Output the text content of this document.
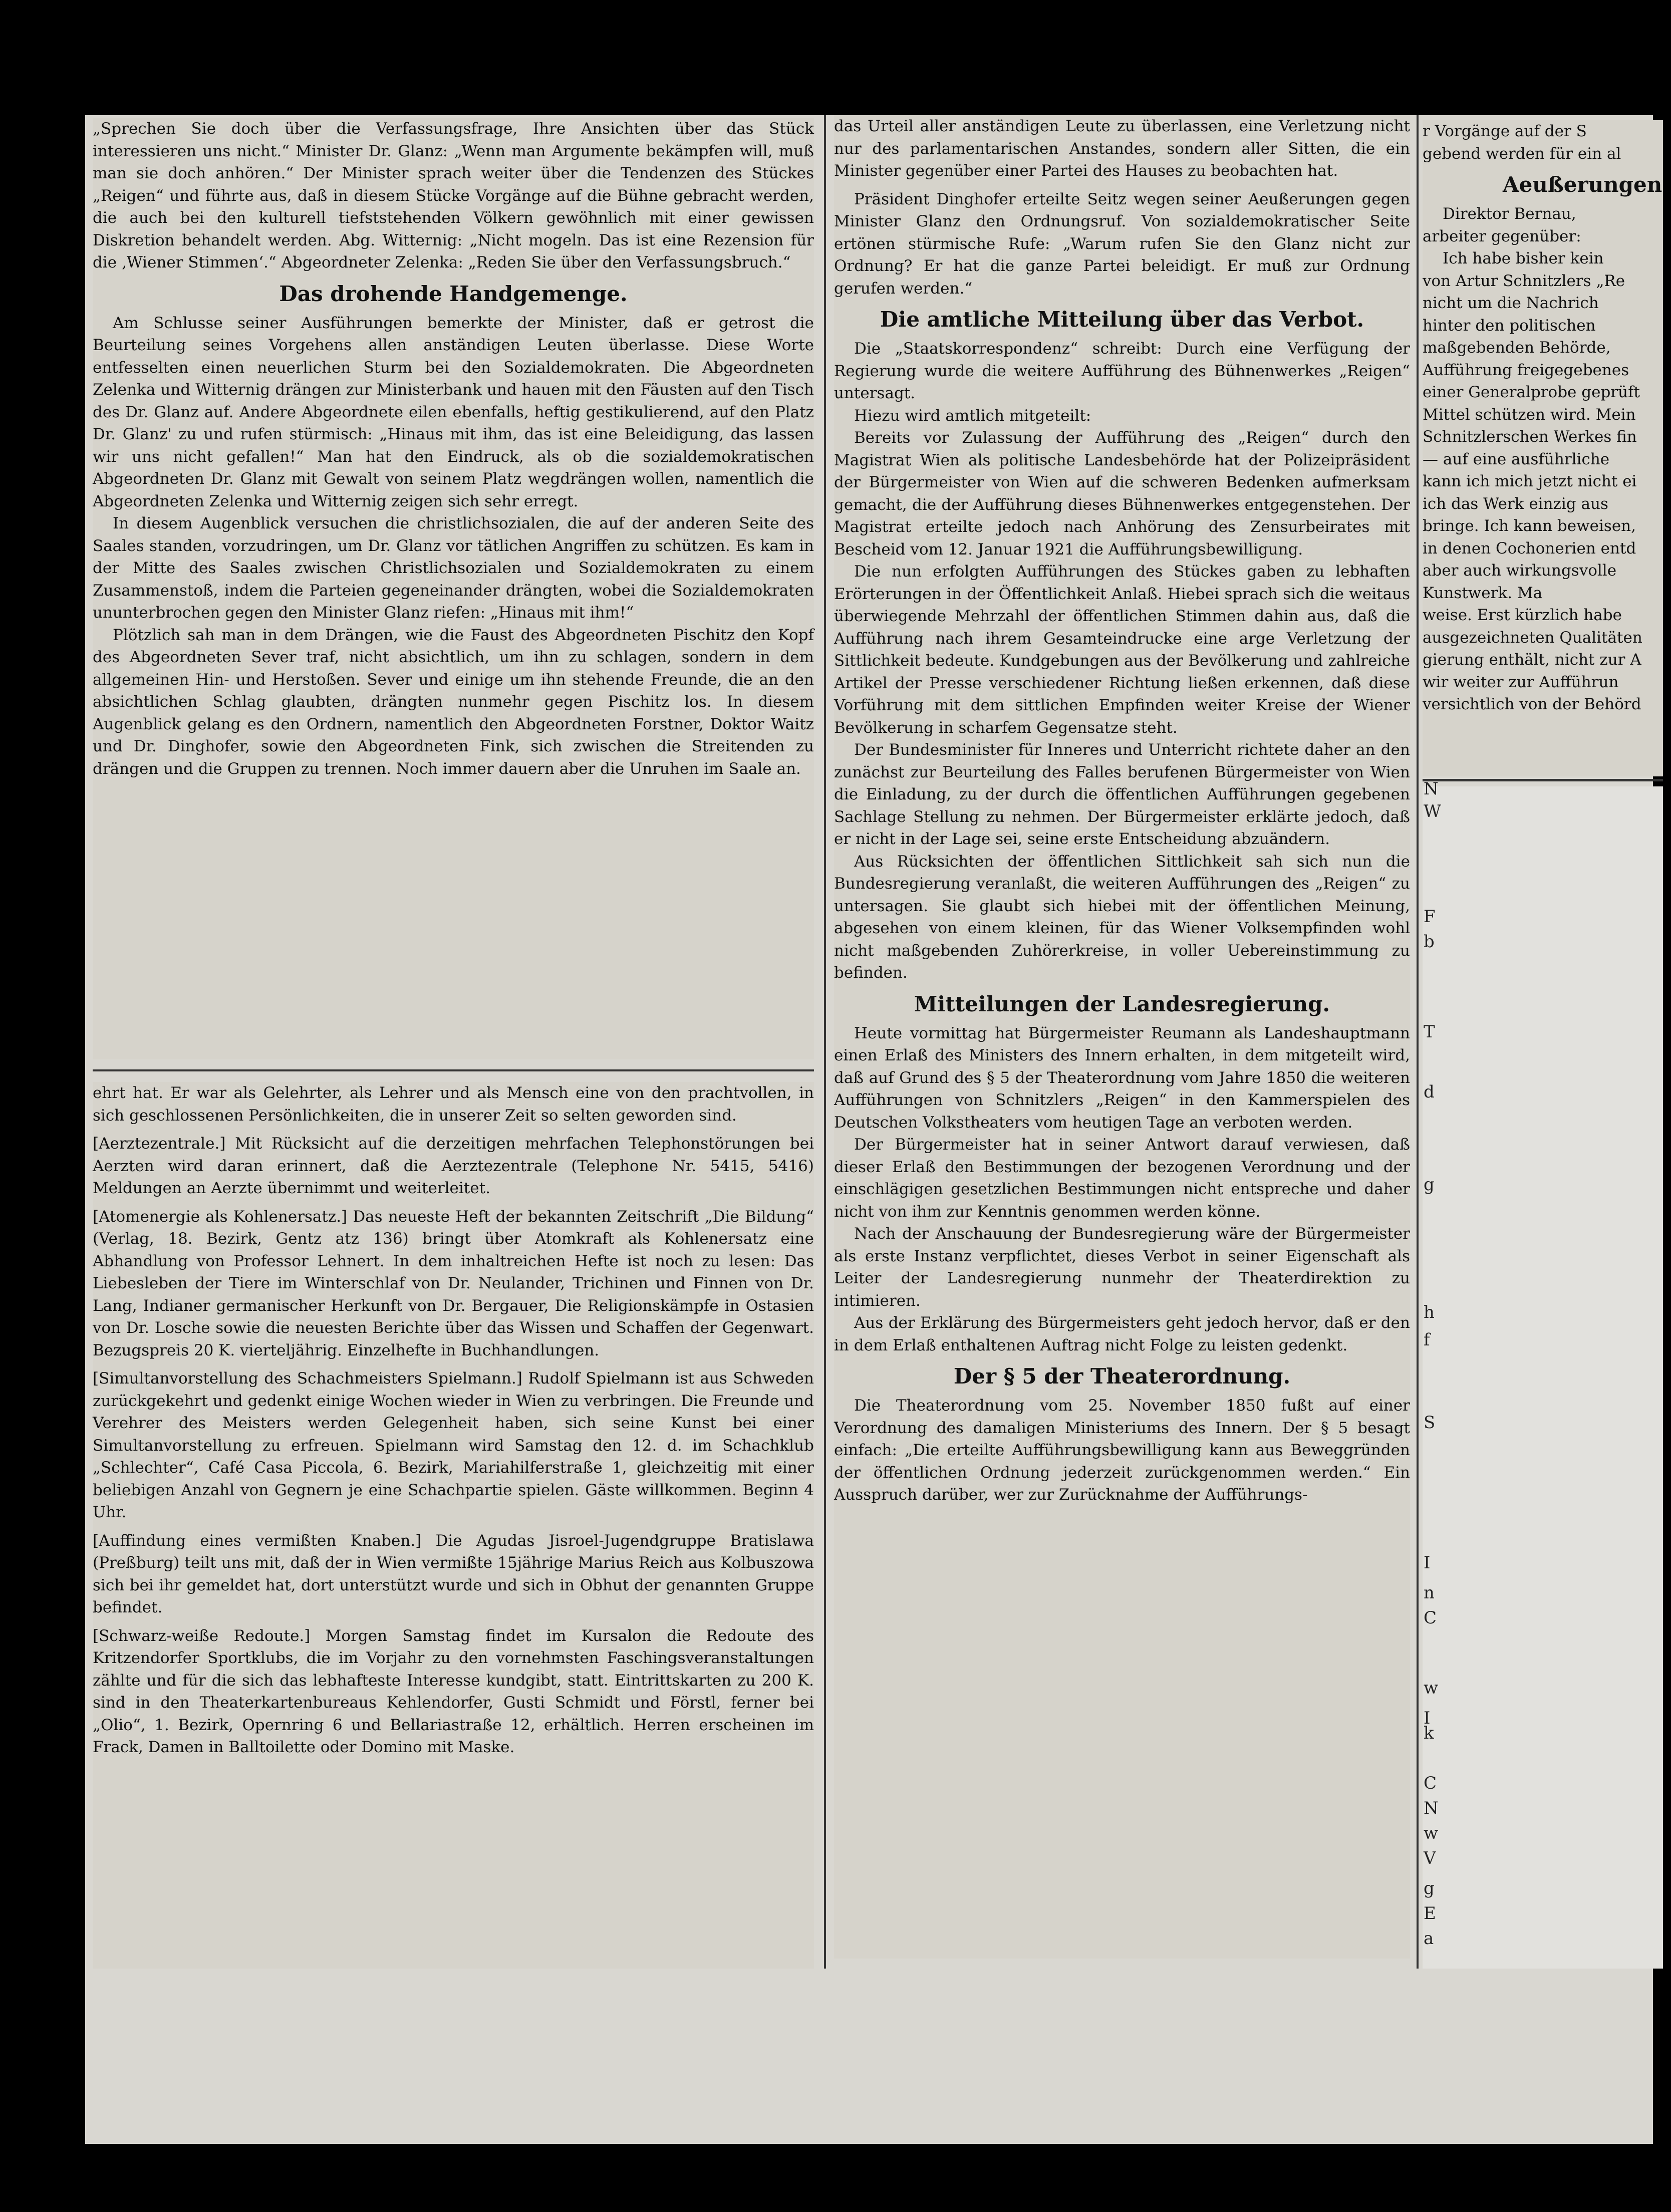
„Sprechen Sie doch über die Verfassungsfrage, Ihre Ansichten über das Stück interessieren uns nicht.“ Minister Dr. Glanz: „Wenn man Argumente bekämpfen will, muß man sie doch anhören.“ Der Minister sprach weiter über die Tendenzen des Stückes „Reigen“ und führte aus, daß in diesem Stücke Vorgänge auf die Bühne gebracht werden, die auch bei den kulturell tiefststehenden Völkern gewöhnlich mit einer gewissen Diskretion behandelt werden. Abg. Witternig: „Nicht mogeln. Das ist eine Rezension für die ‚Wiener Stimmen‘.“ Abgeordneter Zelenka: „Reden Sie über den Verfassungsbruch.“

Das drohende Handgemenge.

Am Schlusse seiner Ausführungen bemerkte der Minister, daß er getrost die Beurteilung seines Vorgehens allen anständigen Leuten überlasse. Diese Worte entfesselten einen neuerlichen Sturm bei den Sozialdemokraten. Die Abgeordneten Zelenka und Witternig drängen zur Ministerbank und hauen mit den Fäusten auf den Tisch des Dr. Glanz auf. Andere Abgeordnete eilen ebenfalls, heftig gestikulierend, auf den Platz Dr. Glanz' zu und rufen stürmisch: „Hinaus mit ihm, das ist eine Beleidigung, das lassen wir uns nicht gefallen!“ Man hat den Eindruck, als ob die sozialdemokratischen Abgeordneten Dr. Glanz mit Gewalt von seinem Platz wegdrängen wollen, namentlich die Abgeordneten Zelenka und Witternig zeigen sich sehr erregt.

In diesem Augenblick versuchen die christlichsozialen, die auf der anderen Seite des Saales standen, vorzudringen, um Dr. Glanz vor tätlichen Angriffen zu schützen. Es kam in der Mitte des Saales zwischen Christlichsozialen und Sozialdemokraten zu einem Zusammenstoß, indem die Parteien gegeneinander drängten, wobei die Sozialdemokraten ununterbrochen gegen den Minister Glanz riefen: „Hinaus mit ihm!“

Plötzlich sah man in dem Drängen, wie die Faust des Abgeordneten Pischitz den Kopf des Abgeordneten Sever traf, nicht absichtlich, um ihn zu schlagen, sondern in dem allgemeinen Hin- und Herstoßen. Sever und einige um ihn stehende Freunde, die an den absichtlichen Schlag glaubten, drängten nunmehr gegen Pischitz los. In diesem Augenblick gelang es den Ordnern, namentlich den Abgeordneten Forstner, Doktor Waitz und Dr. Dinghofer, sowie den Abgeordneten Fink, sich zwischen die Streitenden zu drängen und die Gruppen zu trennen. Noch immer dauern aber die Unruhen im Saale an.

ehrt hat. Er war als Gelehrter, als Lehrer und als Mensch eine von den prachtvollen, in sich geschlossenen Persönlichkeiten, die in unserer Zeit so selten geworden sind.

[Aerztezentrale.] Mit Rücksicht auf die derzeitigen mehrfachen Telephonstörungen bei Aerzten wird daran erinnert, daß die Aerztezentrale (Telephone Nr. 5415, 5416) Meldungen an Aerzte übernimmt und weiterleitet.

[Atomenergie als Kohlenersatz.] Das neueste Heft der bekannten Zeitschrift „Die Bildung“ (Verlag, 18. Bezirk, Gentz atz 136) bringt über Atomkraft als Kohlenersatz eine Abhandlung von Professor Lehnert. In dem inhaltreichen Hefte ist noch zu lesen: Das Liebesleben der Tiere im Winterschlaf von Dr. Neulander, Trichinen und Finnen von Dr. Lang, Indianer germanischer Herkunft von Dr. Bergauer, Die Religionskämpfe in Ostasien von Dr. Losche sowie die neuesten Berichte über das Wissen und Schaffen der Gegenwart. Bezugspreis 20 K. vierteljährig. Einzelhefte in Buchhandlungen.

[Simultanvorstellung des Schachmeisters Spielmann.] Rudolf Spielmann ist aus Schweden zurückgekehrt und gedenkt einige Wochen wieder in Wien zu verbringen. Die Freunde und Verehrer des Meisters werden Gelegenheit haben, sich seine Kunst bei einer Simultanvorstellung zu erfreuen. Spielmann wird Samstag den 12. d. im Schachklub „Schlechter“, Café Casa Piccola, 6. Bezirk, Mariahilferstraße 1, gleichzeitig mit einer beliebigen Anzahl von Gegnern je eine Schachpartie spielen. Gäste willkommen. Beginn 4 Uhr.

[Auffindung eines vermißten Knaben.] Die Agudas Jisroel-Jugendgruppe Bratislawa (Preßburg) teilt uns mit, daß der in Wien vermißte 15jährige Marius Reich aus Kolbuszowa sich bei ihr gemeldet hat, dort unterstützt wurde und sich in Obhut der genannten Gruppe befindet.

[Schwarz-weiße Redoute.] Morgen Samstag findet im Kursalon die Redoute des Kritzendorfer Sportklubs, die im Vorjahr zu den vornehmsten Faschingsveranstaltungen zählte und für die sich das lebhafteste Interesse kundgibt, statt. Eintrittskarten zu 200 K. sind in den Theaterkartenbureaus Kehlendorfer, Gusti Schmidt und Förstl, ferner bei „Olio“, 1. Bezirk, Opernring 6 und Bellariastraße 12, erhältlich. Herren erscheinen im Frack, Damen in Balltoilette oder Domino mit Maske.

das Urteil aller anständigen Leute zu überlassen, eine Verletzung nicht nur des parlamentarischen Anstandes, sondern aller Sitten, die ein Minister gegenüber einer Partei des Hauses zu beobachten hat.

Präsident Dinghofer erteilte Seitz wegen seiner Aeußerungen gegen Minister Glanz den Ordnungsruf. Von sozialdemokratischer Seite ertönen stürmische Rufe: „Warum rufen Sie den Glanz nicht zur Ordnung? Er hat die ganze Partei beleidigt. Er muß zur Ordnung gerufen werden.“

Die amtliche Mitteilung über das Verbot.

Die „Staatskorrespondenz“ schreibt: Durch eine Verfügung der Regierung wurde die weitere Aufführung des Bühnenwerkes „Reigen“ untersagt.

Hiezu wird amtlich mitgeteilt:

Bereits vor Zulassung der Aufführung des „Reigen“ durch den Magistrat Wien als politische Landesbehörde hat der Polizeipräsident der Bürgermeister von Wien auf die schweren Bedenken aufmerksam gemacht, die der Aufführung dieses Bühnenwerkes entgegenstehen. Der Magistrat erteilte jedoch nach Anhörung des Zensurbeirates mit Bescheid vom 12. Januar 1921 die Aufführungsbewilligung.

Die nun erfolgten Aufführungen des Stückes gaben zu lebhaften Erörterungen in der Öffentlichkeit Anlaß. Hiebei sprach sich die weitaus überwiegende Mehrzahl der öffentlichen Stimmen dahin aus, daß die Aufführung nach ihrem Gesamteindrucke eine arge Verletzung der Sittlichkeit bedeute. Kundgebungen aus der Bevölkerung und zahlreiche Artikel der Presse verschiedener Richtung ließen erkennen, daß diese Vorführung mit dem sittlichen Empfinden weiter Kreise der Wiener Bevölkerung in scharfem Gegensatze steht.

Der Bundesminister für Inneres und Unterricht richtete daher an den zunächst zur Beurteilung des Falles berufenen Bürgermeister von Wien die Einladung, zu der durch die öffentlichen Aufführungen gegebenen Sachlage Stellung zu nehmen. Der Bürgermeister erklärte jedoch, daß er nicht in der Lage sei, seine erste Entscheidung abzuändern.

Aus Rücksichten der öffentlichen Sittlichkeit sah sich nun die Bundesregierung veranlaßt, die weiteren Aufführungen des „Reigen“ zu untersagen. Sie glaubt sich hiebei mit der öffentlichen Meinung, abgesehen von einem kleinen, für das Wiener Volksempfinden wohl nicht maßgebenden Zuhörerkreise, in voller Uebereinstimmung zu befinden.

Mitteilungen der Landesregierung.

Heute vormittag hat Bürgermeister Reumann als Landeshauptmann einen Erlaß des Ministers des Innern erhalten, in dem mitgeteilt wird, daß auf Grund des § 5 der Theaterordnung vom Jahre 1850 die weiteren Aufführungen von Schnitzlers „Reigen“ in den Kammerspielen des Deutschen Volkstheaters vom heutigen Tage an verboten werden.

Der Bürgermeister hat in seiner Antwort darauf verwiesen, daß dieser Erlaß den Bestimmungen der bezogenen Verordnung und der einschlägigen gesetzlichen Bestimmungen nicht entspreche und daher nicht von ihm zur Kenntnis genommen werden könne.

Nach der Anschauung der Bundesregierung wäre der Bürgermeister als erste Instanz verpflichtet, dieses Verbot in seiner Eigenschaft als Leiter der Landesregierung nunmehr der Theaterdirektion zu intimieren.

Aus der Erklärung des Bürgermeisters geht jedoch hervor, daß er den in dem Erlaß enthaltenen Auftrag nicht Folge zu leisten gedenkt.

Der § 5 der Theaterordnung.

Die Theaterordnung vom 25. November 1850 fußt auf einer Verordnung des damaligen Ministeriums des Innern. Der § 5 besagt einfach: „Die erteilte Aufführungsbewilligung kann aus Beweggründen der öffentlichen Ordnung jederzeit zurückgenommen werden.“ Ein Ausspruch darüber, wer zur Zurücknahme der Aufführungs-

r Vorgänge auf der S
gebend werden für ein al
Aeußerungen
Direktor Bernau,
arbeiter gegenüber:
Ich habe bisher kein
von Artur Schnitzlers „Re
nicht um die Nachrich
hinter den politischen
maßgebenden Behörde,
Aufführung freigegebenes
einer Generalprobe geprüft
Mittel schützen wird. Mein
Schnitzlerschen Werkes fin
— auf eine ausführliche
kann ich mich jetzt nicht ei
ich das Werk einzig aus
bringe. Ich kann beweisen,
in denen Cochonerien entd
aber auch wirkungsvolle
Kunstwerk. Ma
weise. Erst kürzlich habe
ausgezeichneten Qualitäten
gierung enthält, nicht zur A
wir weiter zur Aufführun
versichtlich von der Behörd
N
W
F
b
T
d
g
h
f
S
I
n
C
w
I
k
C
N
w
V
g
E
a
